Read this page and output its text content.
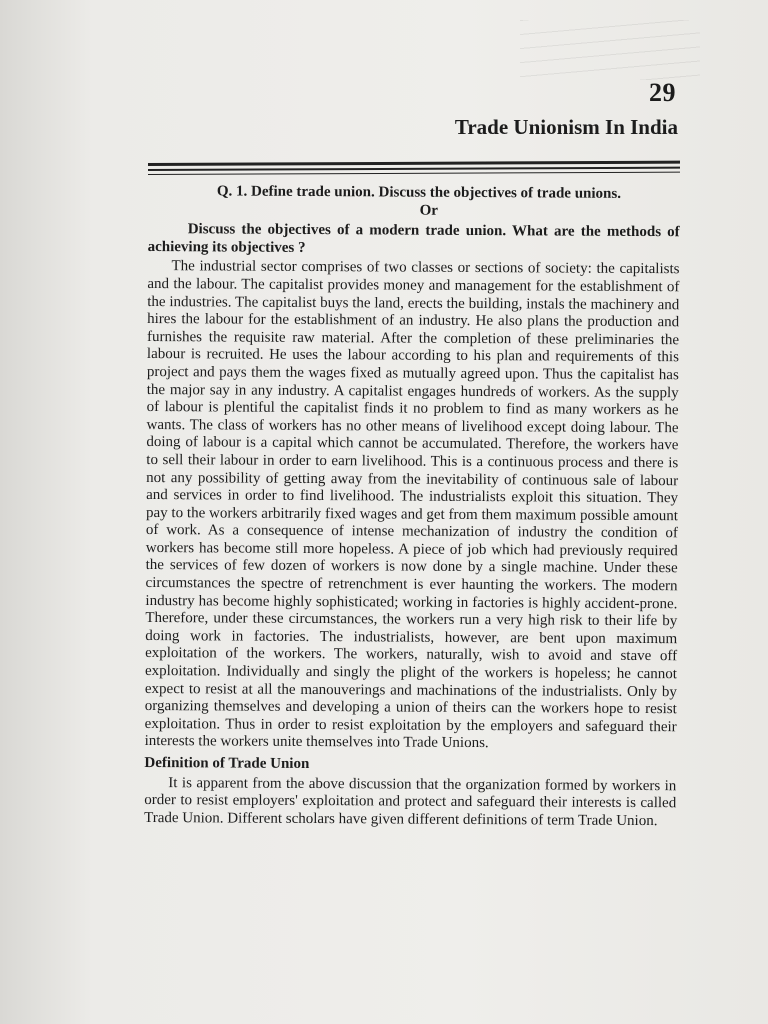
29
Trade Unionism In India

Q. 1. Define trade union. Discuss the objectives of trade unions.

Or

Discuss the objectives of a modern trade union. What are the methods of achieving its objectives ?

The industrial sector comprises of two classes or sections of society: the capitalists and the labour. The capitalist provides money and management for the establishment of the industries. The capitalist buys the land, erects the building, instals the machinery and hires the labour for the establishment of an industry. He also plans the production and furnishes the requisite raw material. After the completion of these preliminaries the labour is recruited. He uses the labour according to his plan and requirements of this project and pays them the wages fixed as mutually agreed upon. Thus the capitalist has the major say in any industry. A capitalist engages hundreds of workers. As the supply of labour is plentiful the capitalist finds it no problem to find as many workers as he wants. The class of workers has no other means of livelihood except doing labour. The doing of labour is a capital which cannot be accumulated. Therefore, the workers have to sell their labour in order to earn livelihood. This is a continuous process and there is not any possibility of getting away from the inevitability of continuous sale of labour and services in order to find livelihood. The industrialists exploit this situation. They pay to the workers arbitrarily fixed wages and get from them maximum possible amount of work. As a consequence of intense mechanization of industry the condition of workers has become still more hopeless. A piece of job which had previously required the services of few dozen of workers is now done by a single machine. Under these circumstances the spectre of retrenchment is ever haunting the workers. The modern industry has become highly sophisticated; working in factories is highly accident-prone. Therefore, under these circumstances, the workers run a very high risk to their life by doing work in factories. The industrialists, however, are bent upon maximum exploitation of the workers. The workers, naturally, wish to avoid and stave off exploitation. Individually and singly the plight of the workers is hopeless; he cannot expect to resist at all the manouverings and machinations of the industrialists. Only by organizing themselves and developing a union of theirs can the workers hope to resist exploitation. Thus in order to resist exploitation by the employers and safeguard their interests the workers unite themselves into Trade Unions.

Definition of Trade Union

It is apparent from the above discussion that the organization formed by workers in order to resist employers' exploitation and protect and safeguard their interests is called Trade Union. Different scholars have given different definitions of term Trade Union.
